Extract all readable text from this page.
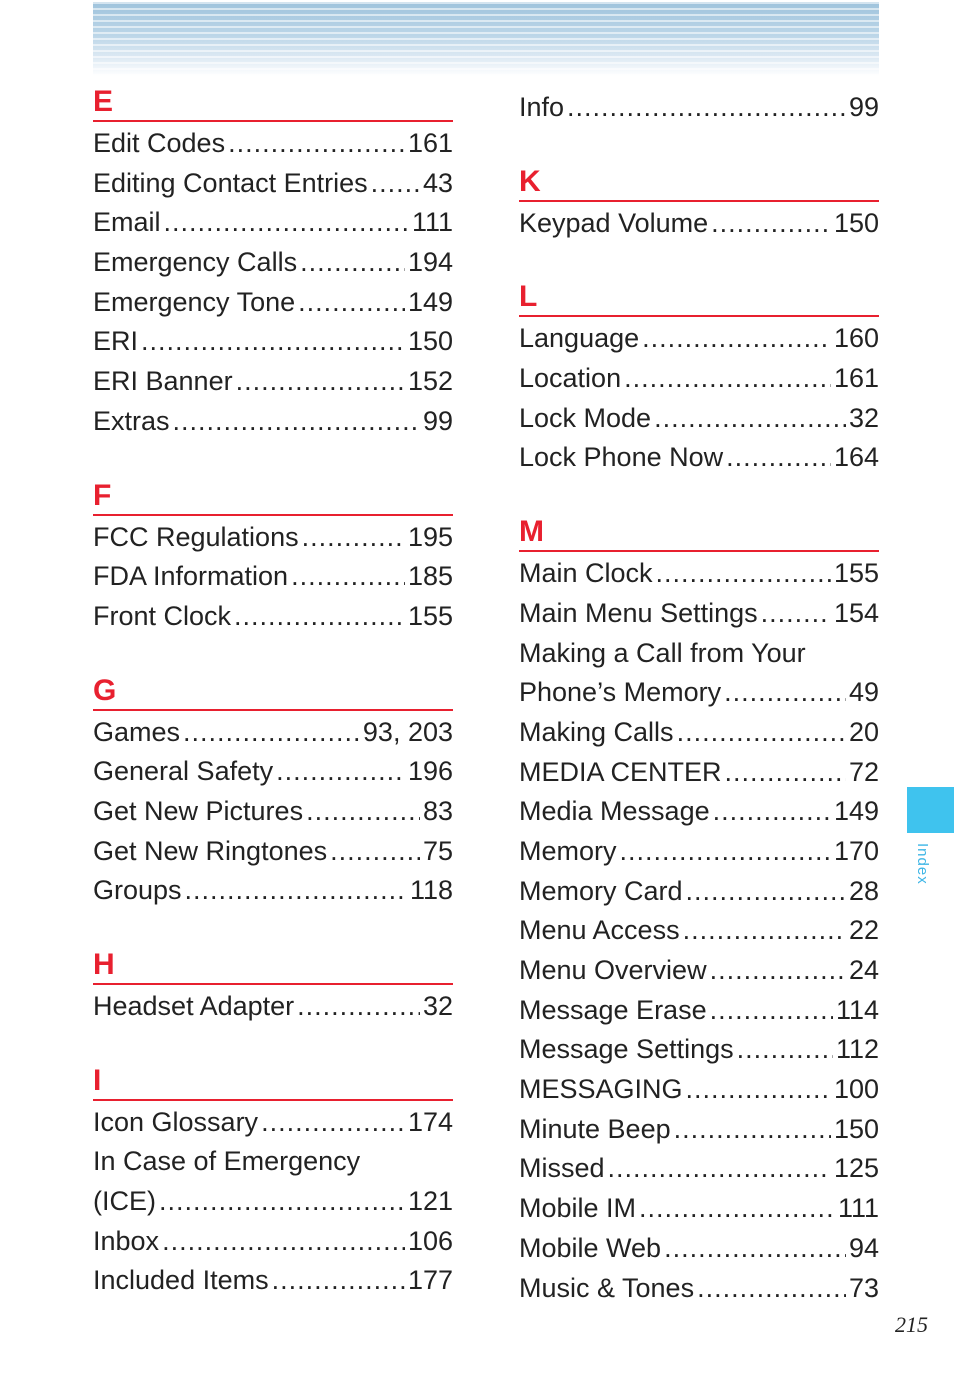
E
Edit Codes .....	161
Editing Contact Entries ..... 43
Email .....	111
Emergency Calls .....	194
Emergency Tone .....	149
ERI .....	150
ERI Banner .....	152
Extras .....	99
F
FCC Regulations .....	195
FDA Information .....	185
Front Clock .....	155
G
Games .....	93, 203
General Safety .....	196
Get New Pictures .....	83
Get New Ringtones .....	75
Groups .....	118
H
Headset Adapter .....	32
I
Icon Glossary .....	174
In Case of Emergency
(ICE) .....	121
Inbox .....	106
Included Items .....	177
Info .....	99
K
Keypad Volume .....	150
L
Language .....	160
Location .....	161
Lock Mode .....	32
Lock Phone Now .....	164
M
Main Clock .....	155
Main Menu Settings .....	154
Making a Call from Your
Phone’s Memory .....	49
Making Calls .....	20
MEDIA CENTER .....	72
Media Message .....	149
Memory .....	170
Memory Card .....	28
Menu Access .....	22
Menu Overview .....	24
Message Erase .....	114
Message Settings .....	112
MESSAGING .....	100
Minute Beep .....	150
Missed .....	125
Mobile IM .....	111
Mobile Web .....	94
Music & Tones .....	73
Index
215
